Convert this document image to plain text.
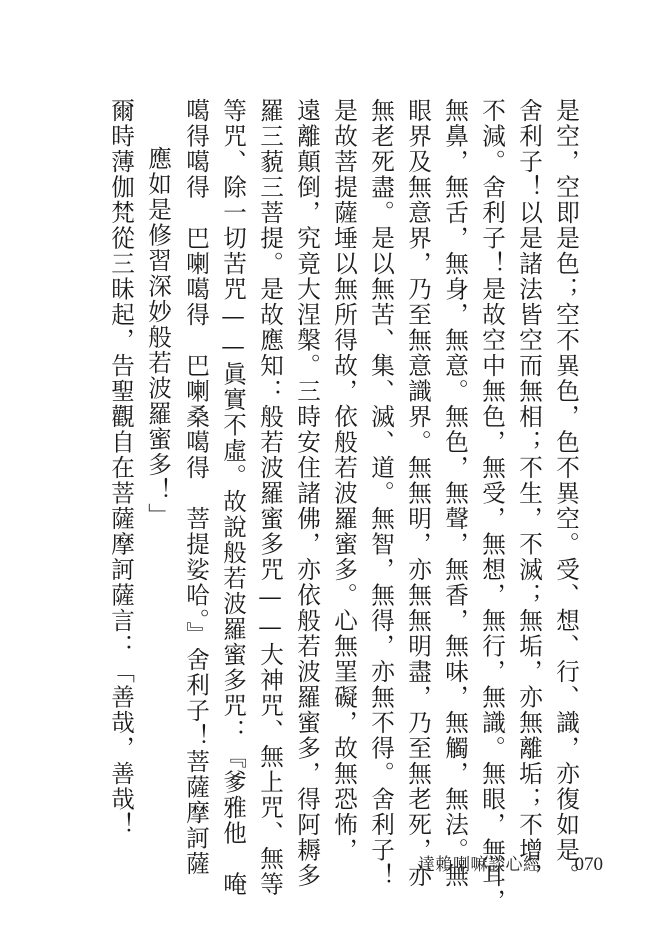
是空，空即是色；空不異色，色不異空。受、想、行、識，亦復如是。
舍利子！以是諸法皆空而無相；不生，不滅；無垢，亦無離垢；不增，
不減。舍利子！是故空中無色，無受，無想，無行，無識。無眼，無耳，
無鼻，無舌，無身，無意。無色，無聲，無香，無味，無觸，無法。無
眼界及無意界，乃至無意識界。無無明，亦無無明盡，乃至無老死，亦
無老死盡。是以無苦、集、滅、道。無智，無得，亦無不得。舍利子！
是故菩提薩埵以無所得故，依般若波羅蜜多。心無罣礙，故無恐怖，
遠離顛倒，究竟大涅槃。三時安住諸佛，亦依般若波羅蜜多，得阿耨多
羅三藐三菩提。是故應知：般若波羅蜜多咒——大神咒、無上咒、無等
等咒、除一切苦咒——眞實不虛。故說般若波羅蜜多咒：『爹雅他　唵
噶得噶得　巴喇噶得　巴喇桑噶得　菩提娑哈。』舍利子！菩薩摩訶薩
應如是修習深妙般若波羅蜜多！」
爾時薄伽梵從三昧起，告聖觀自在菩薩摩訶薩言：「善哉，善哉！
達賴喇嘛談心經 070
